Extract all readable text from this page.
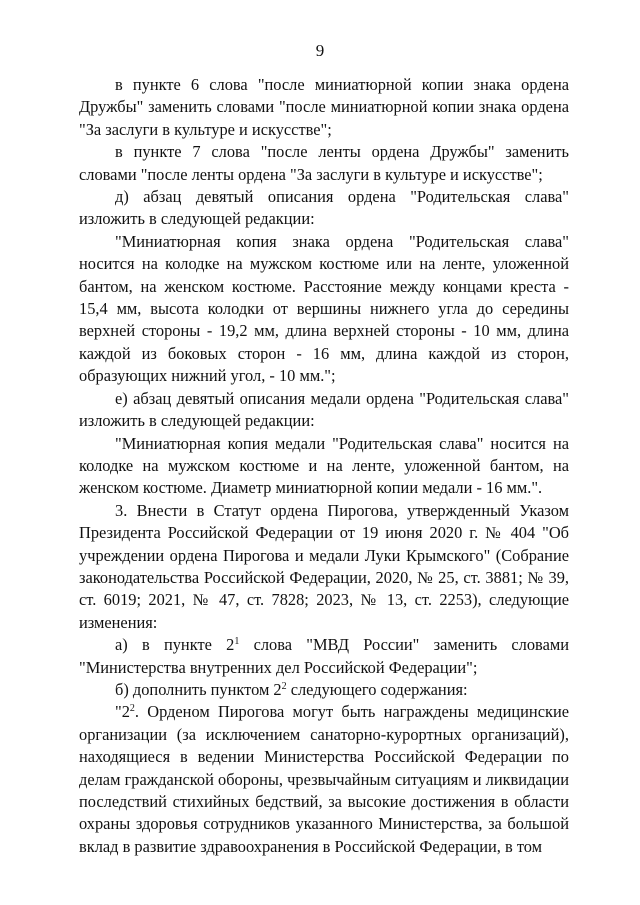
9

в пункте 6 слова "после миниатюрной копии знака ордена Дружбы" заменить словами "после миниатюрной копии знака ордена "За заслуги в культуре и искусстве";

в пункте 7 слова "после ленты ордена Дружбы" заменить словами "после ленты ордена "За заслуги в культуре и искусстве";

д) абзац девятый описания ордена "Родительская слава" изложить в следующей редакции:

"Миниатюрная копия знака ордена "Родительская слава" носится на колодке на мужском костюме или на ленте, уложенной бантом, на женском костюме. Расстояние между концами креста - 15,4 мм, высота колодки от вершины нижнего угла до середины верхней стороны - 19,2 мм, длина верхней стороны - 10 мм, длина каждой из боковых сторон - 16 мм, длина каждой из сторон, образующих нижний угол, - 10 мм.";

е) абзац девятый описания медали ордена "Родительская слава" изложить в следующей редакции:

"Миниатюрная копия медали "Родительская слава" носится на колодке на мужском костюме и на ленте, уложенной бантом, на женском костюме. Диаметр миниатюрной копии медали - 16 мм.".

3. Внести в Статут ордена Пирогова, утвержденный Указом Президента Российской Федерации от 19 июня 2020 г. № 404 "Об учреждении ордена Пирогова и медали Луки Крымского" (Собрание законодательства Российской Федерации, 2020, № 25, ст. 3881; № 39, ст. 6019; 2021, № 47, ст. 7828; 2023, № 13, ст. 2253), следующие изменения:

а) в пункте $2^1$ слова "МВД России" заменить словами "Министерства внутренних дел Российской Федерации";

б) дополнить пунктом $2^2$ следующего содержания:

"$2^2$. Орденом Пирогова могут быть награждены медицинские организации (за исключением санаторно-курортных организаций), находящиеся в ведении Министерства Российской Федерации по делам гражданской обороны, чрезвычайным ситуациям и ликвидации последствий стихийных бедствий, за высокие достижения в области охраны здоровья сотрудников указанного Министерства, за большой вклад в развитие здравоохранения в Российской Федерации, в том
